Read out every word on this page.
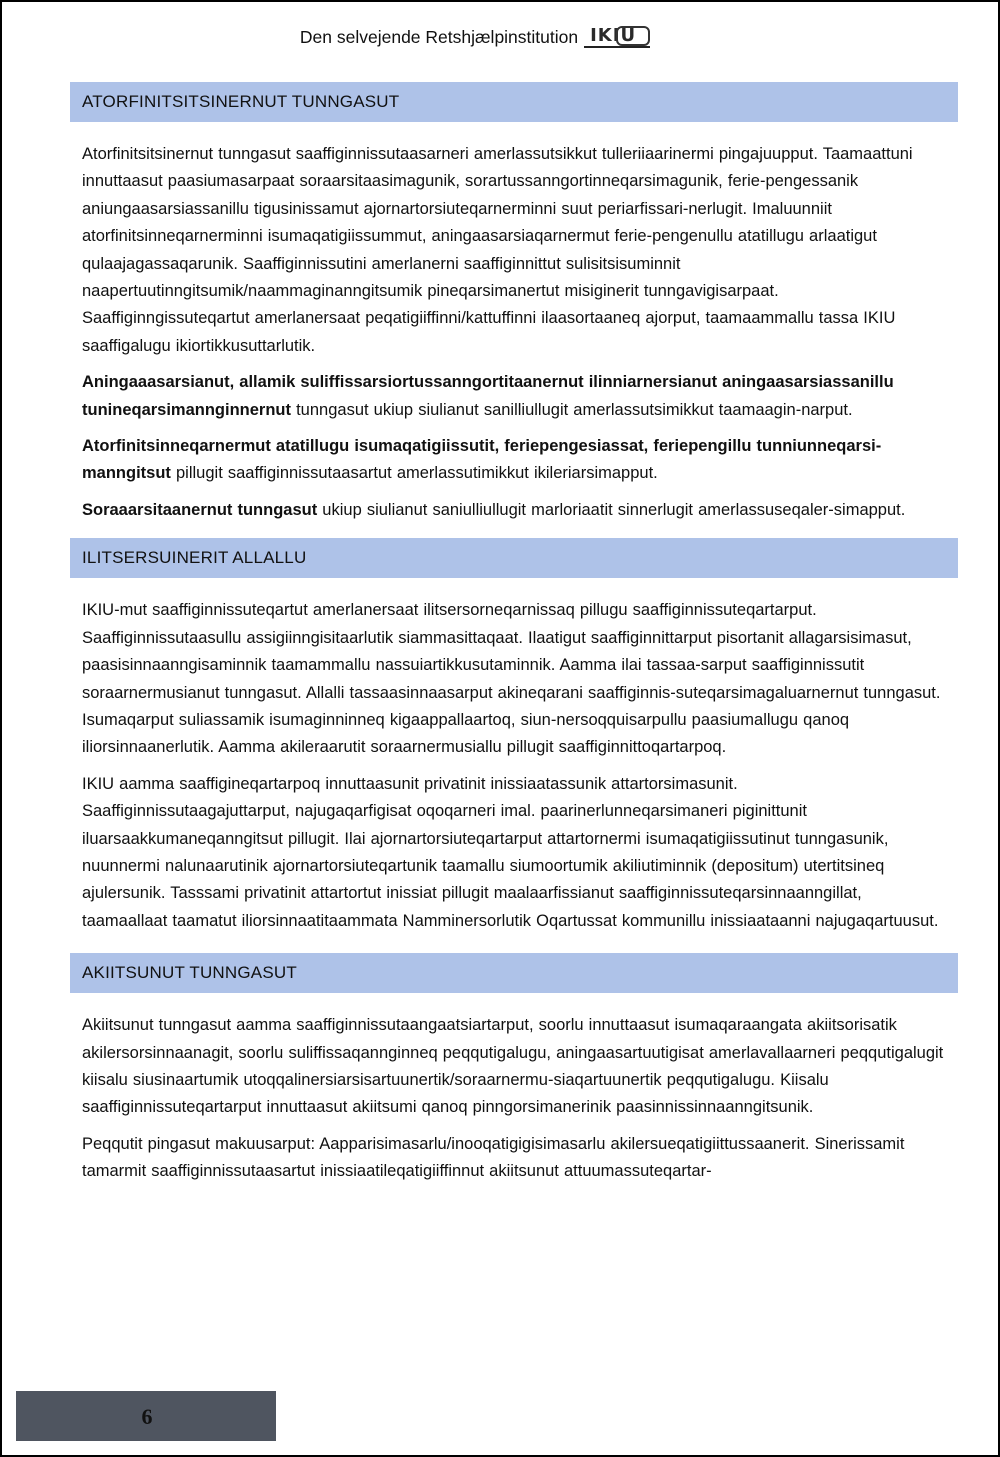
Den selvejende Retshjælpinstitution IKIU
ATORFINITSITSINERNUT TUNNGASUT

Atorfinitsitsinernut tunngasut saaffiginnissutaasarneri amerlassutsikkut tulleriiaarinermi pingajuupput. Taamaattuni innuttaasut paasiumasarpaat soraarsitaasimagunik, sorartussanngortinneqarsimagunik, ferie-pengessanik aniungaasarsiassanillu tigusinissamut ajornartorsiuteqarnerminni suut periarfissari-nerlugit. Imaluunniit atorfinitsinneqarnerminni isumaqatigiissummut, aningaasarsiaqarnermut ferie-pengenullu atatillugu arlaatigut qulaajagassaqarunik. Saaffiginnissutini amerlanerni saaffiginnittut sulisitsisuminnit naapertuutinngitsumik/naammaginanngitsumik pineqarsimanertut misiginerit tunngavigisarpaat. Saaffiginngissuteqartut amerlanersaat peqatigiiffinni/kattuffinni ilaasortaaneq ajorput, taamaammallu tassa IKIU saaffigalugu ikiortikkusuttarlutik.

Aningaaasarsianut, allamik suliffissarsiortussanngortitaanernut ilinniarnersianut aningaasarsiassanillu tunineqarsimannginnernut tunngasut ukiup siulianut sanilliullugit amerlassutsimikkut taamaagin-narput.

Atorfinitsinneqarnermut atatillugu isumaqatigiissutit, feriepengesiassat, feriepengillu tunniunneqarsi-manngitsut pillugit saaffiginnissutaasartut amerlassutimikkut ikileriarsimapput.

Soraaarsitaanernut tunngasut ukiup siulianut saniulliullugit marloriaatit sinnerlugit amerlassuseqaler-simapput.

ILITSERSUINERIT ALLALLU

IKIU-mut saaffiginnissuteqartut amerlanersaat ilitsersorneqarnissaq pillugu saaffiginnissuteqartarput. Saaffiginnissutaasullu assigiinngisitaarlutik siammasittaqaat. Ilaatigut saaffiginnittarput pisortanit allagarsisimasut, paasisinnaanngisaminnik taamammallu nassuiartikkusutaminnik. Aamma ilai tassaa-sarput saaffiginnissutit soraarnermusianut tunngasut. Allalli tassaasinnaasarput akineqarani saaffiginnis-suteqarsimagaluarnernut tunngasut. Isumaqarput suliassamik isumaginninneq kigaappallaartoq, siun-nersoqquisarpullu paasiumallugu qanoq iliorsinnaanerlutik. Aamma akileraarutit soraarnermusiallu pillugit saaffiginnittoqartarpoq.

IKIU aamma saaffigineqartarpoq innuttaasunit privatinit inissiaatassunik attartorsimasunit. Saaffiginnissutaagajuttarput, najugaqarfigisat oqoqarneri imal. paarinerlunneqarsimaneri piginittunit iluarsaakkumaneqanngitsut pillugit. Ilai ajornartorsiuteqartarput attartornermi isumaqatigiissutinut tunngasunik, nuunnermi nalunaarutinik ajornartorsiuteqartunik taamallu siumoortumik akiliutiminnik (depositum) utertitsineq ajulersunik. Tasssami privatinit attartortut inissiat pillugit maalaarfissianut saaffiginnissuteqarsinnaanngillat, taamaallaat taamatut iliorsinnaatitaammata Namminersorlutik Oqartussat kommunillu inissiaataanni najugaqartuusut.

AKIITSUNUT TUNNGASUT

Akiitsunut tunngasut aamma saaffiginnissutaangaatsiartarput, soorlu innuttaasut isumaqaraangata akiitsorisatik akilersorsinnaanagit, soorlu suliffissaqannginneq peqqutigalugu, aningaasartuutigisat amerlavallaarneri peqqutigalugit kiisalu siusinaartumik utoqqalinersiarsisartuunertik/soraarnermu-siaqartuunertik peqqutigalugu. Kiisalu saaffiginnissuteqartarput innuttaasut akiitsumi qanoq pinngorsimanerinik paasinnissinnaanngitsunik.

Peqqutit pingasut makuusarput: Aapparisimasarlu/inooqatigigisimasarlu akilersueqatigiittussaanerit. Sinerissamit tamarmit saaffiginnissutaasartut inissiaatileqatigiiffinnut akiitsunut attuumassuteqartar-

6
